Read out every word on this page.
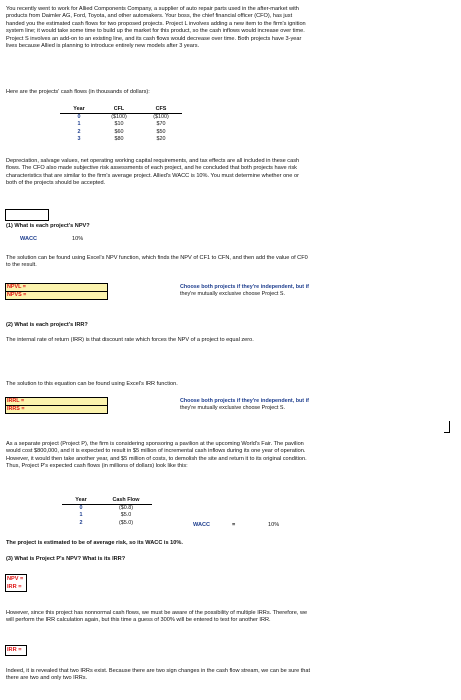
You recently went to work for Allied Components Company, a supplier of auto repair parts used in the after-market with products from Daimler AG, Ford, Toyota, and other automakers. Your boss, the chief financial officer (CFO), has just handed you the estimated cash flows for two proposed projects. Project L involves adding a new item to the firm's ignition system line; it would take some time to build up the market for this product, so the cash inflows would increase over time. Project S involves an add-on to an existing line, and its cash flows would decrease over time. Both projects have 3-year lives because Allied is planning to introduce entirely new models after 3 years.

Here are the projects' cash flows (in thousands of dollars):

Year	CFL	CFS
0	($100)	($100)
1	$10	$70
2	$60	$50
3	$80	$20

Depreciation, salvage values, net operating working capital requirements, and tax effects are all included in these cash flows. The CFO also made subjective risk assessments of each project, and he concluded that both projects have risk characteristics that are similar to the firm's average project. Allied's WACC is 10%. You must determine whether one or both of the projects should be accepted.

(1) What is each project's NPV?

WACC	10%

The solution can be found using Excel's NPV function, which finds the NPV of CF1 to CFN, and then add the value of CF0 to the result.

NPVL =
NPVS =
Choose both projects if they're independent, but if
they're mutually exclusive choose Project S.

(2) What is each project's IRR?

The internal rate of return (IRR) is that discount rate which forces the NPV of a project to equal zero.

The solution to this equation can be found using Excel's IRR function.

IRRL =
IRRS =
Choose both projects if they're independent, but if
they're mutually exclusive choose Project S.

As a separate project (Project P), the firm is considering sponsoring a pavilion at the upcoming World's Fair. The pavilion would cost $800,000, and it is expected to result in $5 million of incremental cash inflows during its one year of operation. However, it would then take another year, and $5 million of costs, to demolish the site and return it to its original condition. Thus, Project P's expected cash flows (in millions of dollars) look like this:

Year	Cash Flow
0	($0.8)
1	$5.0
2	($5.0)	WACC	=	10%

The project is estimated to be of average risk, so its WACC is 10%.

(3) What is Project P's NPV? What is its IRR?

NPV =
IRR =

However, since this project has nonnormal cash flows, we must be aware of the possibility of multiple IRRs. Therefore, we will perform the IRR calculation again, but this time a guess of 300% will be entered to test for another IRR.

IRR =

Indeed, it is revealed that two IRRs exist. Because there are two sign changes in the cash flow stream, we can be sure that there are two and only two IRRs.
